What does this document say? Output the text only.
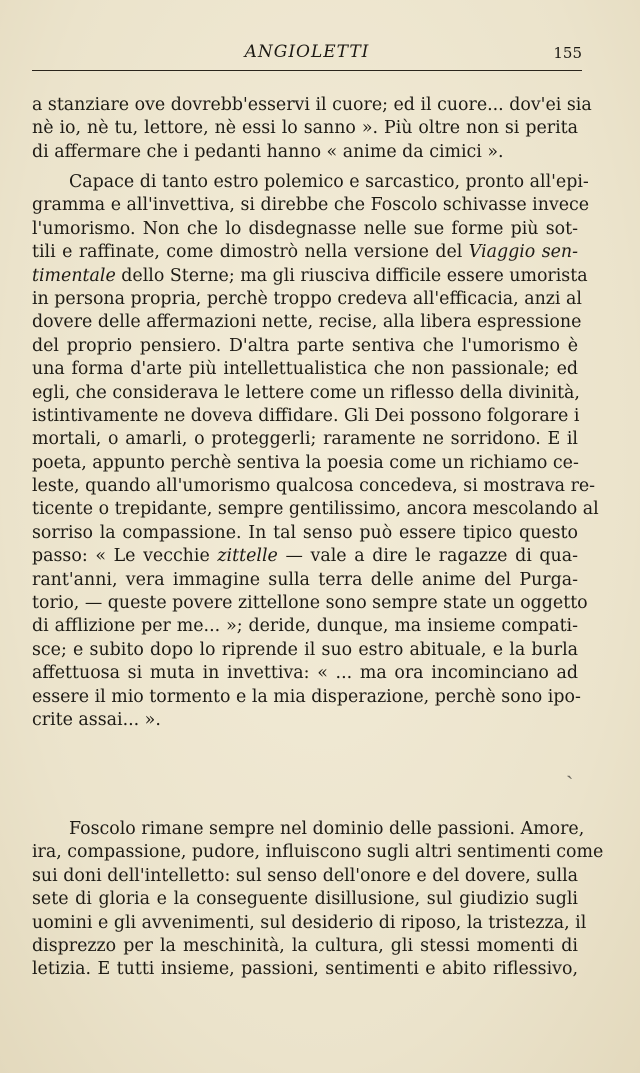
ANGIOLETTI	155
a stanziare ove dovrebb'esservi il cuore; ed il cuore... dov'ei sia
nè io, nè tu, lettore, nè essi lo sanno ». Più oltre non si perita
di affermare che i pedanti hanno « anime da cimici ».
Capace di tanto estro polemico e sarcastico, pronto all'epi-
gramma e all'invettiva, si direbbe che Foscolo schivasse invece
l'umorismo. Non che lo disdegnasse nelle sue forme più sot-
tili e raffinate, come dimostrò nella versione del Viaggio sen-
timentale dello Sterne; ma gli riusciva difficile essere umorista
in persona propria, perchè troppo credeva all'efficacia, anzi al
dovere delle affermazioni nette, recise, alla libera espressione
del proprio pensiero. D'altra parte sentiva che l'umorismo è
una forma d'arte più intellettualistica che non passionale; ed
egli, che considerava le lettere come un riflesso della divinità,
istintivamente ne doveva diffidare. Gli Dei possono folgorare i
mortali, o amarli, o proteggerli; raramente ne sorridono. E il
poeta, appunto perchè sentiva la poesia come un richiamo ce-
leste, quando all'umorismo qualcosa concedeva, si mostrava re-
ticente o trepidante, sempre gentilissimo, ancora mescolando al
sorriso la compassione. In tal senso può essere tipico questo
passo: « Le vecchie zittelle — vale a dire le ragazze di qua-
rant'anni, vera immagine sulla terra delle anime del Purga-
torio, — queste povere zittellone sono sempre state un oggetto
di afflizione per me... »; deride, dunque, ma insieme compati-
sce; e subito dopo lo riprende il suo estro abituale, e la burla
affettuosa si muta in invettiva: « ... ma ora incominciano ad
essere il mio tormento e la mia disperazione, perchè sono ipo-
crite assai... ».
ˎ
Foscolo rimane sempre nel dominio delle passioni. Amore,
ira, compassione, pudore, influiscono sugli altri sentimenti come
sui doni dell'intelletto: sul senso dell'onore e del dovere, sulla
sete di gloria e la conseguente disillusione, sul giudizio sugli
uomini e gli avvenimenti, sul desiderio di riposo, la tristezza, il
disprezzo per la meschinità, la cultura, gli stessi momenti di
letizia. E tutti insieme, passioni, sentimenti e abito riflessivo,
